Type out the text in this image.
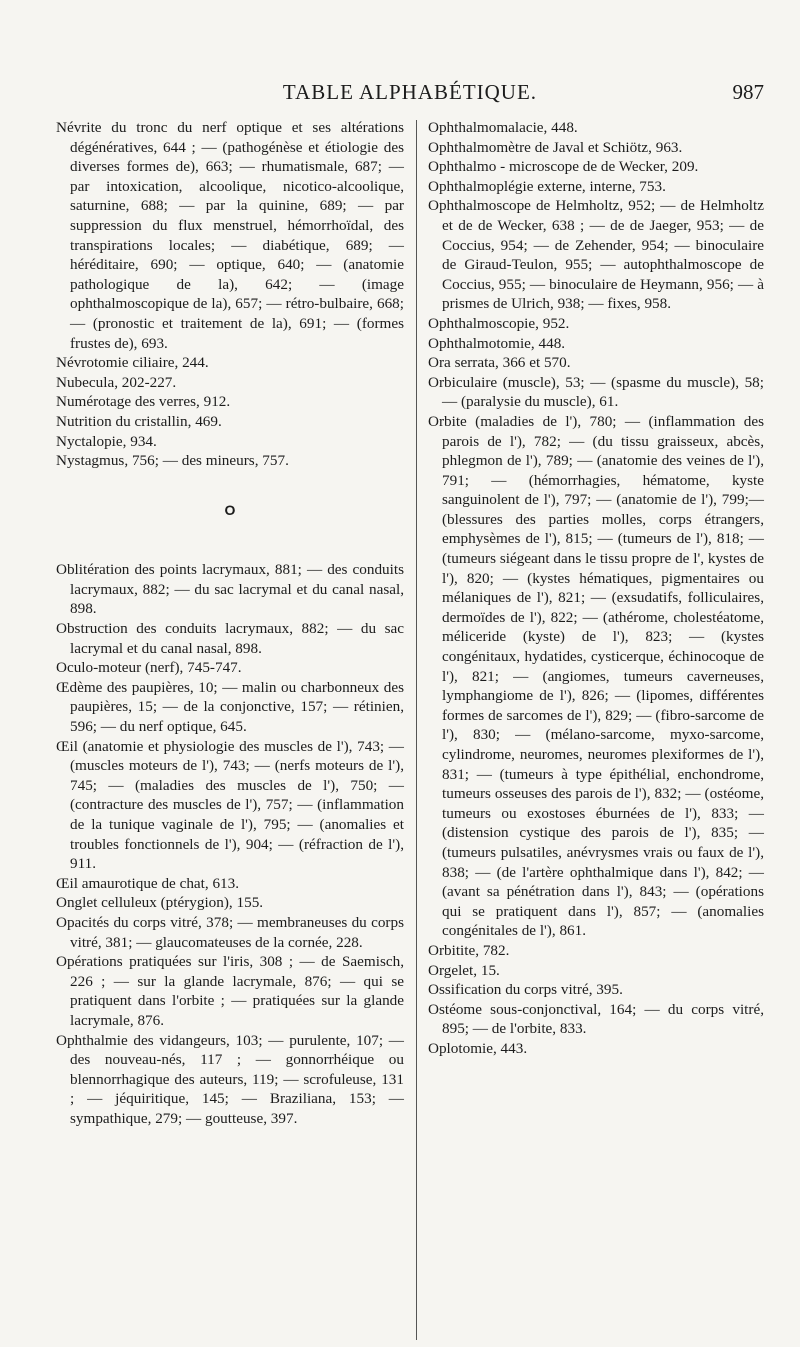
TABLE ALPHABÉTIQUE.	987

Névrite du tronc du nerf optique et ses altérations dégénératives, 644 ; — (pathogénèse et étiologie des diverses formes de), 663; — rhumatismale, 687; — par intoxication, alcoolique, nicotico-alcoolique, saturnine, 688; — par la quinine, 689; — par suppression du flux menstruel, hémorrhoïdal, des transpirations locales; — diabétique, 689; — héréditaire, 690; — optique, 640; — (anatomie pathologique de la), 642; — (image ophthalmoscopique de la), 657; — rétro-bulbaire, 668; — (pronostic et traitement de la), 691; — (formes frustes de), 693.

Névrotomie ciliaire, 244.

Nubecula, 202-227.

Numérotage des verres, 912.

Nutrition du cristallin, 469.

Nyctalopie, 934.

Nystagmus, 756; — des mineurs, 757.

O

Oblitération des points lacrymaux, 881; — des conduits lacrymaux, 882; — du sac lacrymal et du canal nasal, 898.

Obstruction des conduits lacrymaux, 882; — du sac lacrymal et du canal nasal, 898.

Oculo-moteur (nerf), 745-747.

Œdème des paupières, 10; — malin ou charbonneux des paupières, 15; — de la conjonctive, 157; — rétinien, 596; — du nerf optique, 645.

Œil (anatomie et physiologie des muscles de l'), 743; — (muscles moteurs de l'), 743; — (nerfs moteurs de l'), 745; — (maladies des muscles de l'), 750; — (contracture des muscles de l'), 757; — (inflammation de la tunique vaginale de l'), 795; — (anomalies et troubles fonctionnels de l'), 904; — (réfraction de l'), 911.

Œil amaurotique de chat, 613.

Onglet celluleux (ptérygion), 155.

Opacités du corps vitré, 378; — membraneuses du corps vitré, 381; — glaucomateuses de la cornée, 228.

Opérations pratiquées sur l'iris, 308 ; — de Saemisch, 226 ; — sur la glande lacrymale, 876; — qui se pratiquent dans l'orbite ; — pratiquées sur la glande lacrymale, 876.

Ophthalmie des vidangeurs, 103; — purulente, 107; — des nouveau-nés, 117 ; — gonnorrhéique ou blennorrhagique des auteurs, 119; — scrofuleuse, 131 ; — jéquiritique, 145; — Braziliana, 153; — sympathique, 279; — goutteuse, 397.

Ophthalmomalacie, 448.

Ophthalmomètre de Javal et Schiötz, 963.

Ophthalmo - microscope de de Wecker, 209.

Ophthalmoplégie externe, interne, 753.

Ophthalmoscope de Helmholtz, 952; — de Helmholtz et de de Wecker, 638 ; — de de Jaeger, 953; — de Coccius, 954; — de Zehender, 954; — binoculaire de Giraud-Teulon, 955; — autophthalmoscope de Coccius, 955; — binoculaire de Heymann, 956; — à prismes de Ulrich, 938; — fixes, 958.

Ophthalmoscopie, 952.

Ophthalmotomie, 448.

Ora serrata, 366 et 570.

Orbiculaire (muscle), 53; — (spasme du muscle), 58; — (paralysie du muscle), 61.

Orbite (maladies de l'), 780; — (inflammation des parois de l'), 782; — (du tissu graisseux, abcès, phlegmon de l'), 789; — (anatomie des veines de l'), 791; — (hémorrhagies, hématome, kyste sanguinolent de l'), 797; — (anatomie de l'), 799;— (blessures des parties molles, corps étrangers, emphysèmes de l'), 815; — (tumeurs de l'), 818; — (tumeurs siégeant dans le tissu propre de l', kystes de l'), 820; — (kystes hématiques, pigmentaires ou mélaniques de l'), 821; — (exsudatifs, folliculaires, dermoïdes de l'), 822; — (athérome, cholestéatome, méliceride (kyste) de l'), 823; — (kystes congénitaux, hydatides, cysticerque, échinocoque de l'), 821; — (angiomes, tumeurs caverneuses, lymphangiome de l'), 826; — (lipomes, différentes formes de sarcomes de l'), 829; — (fibro-sarcome de l'), 830; — (mélano-sarcome, myxo-sarcome, cylindrome, neuromes, neuromes plexiformes de l'), 831; — (tumeurs à type épithélial, enchondrome, tumeurs osseuses des parois de l'), 832; — (ostéome, tumeurs ou exostoses éburnées de l'), 833; — (distension cystique des parois de l'), 835; — (tumeurs pulsatiles, anévrysmes vrais ou faux de l'), 838; — (de l'artère ophthalmique dans l'), 842; — (avant sa pénétration dans l'), 843; — (opérations qui se pratiquent dans l'), 857; — (anomalies congénitales de l'), 861.

Orbitite, 782.

Orgelet, 15.

Ossification du corps vitré, 395.

Ostéome sous-conjonctival, 164; — du corps vitré, 895; — de l'orbite, 833.

Oplotomie, 443.
